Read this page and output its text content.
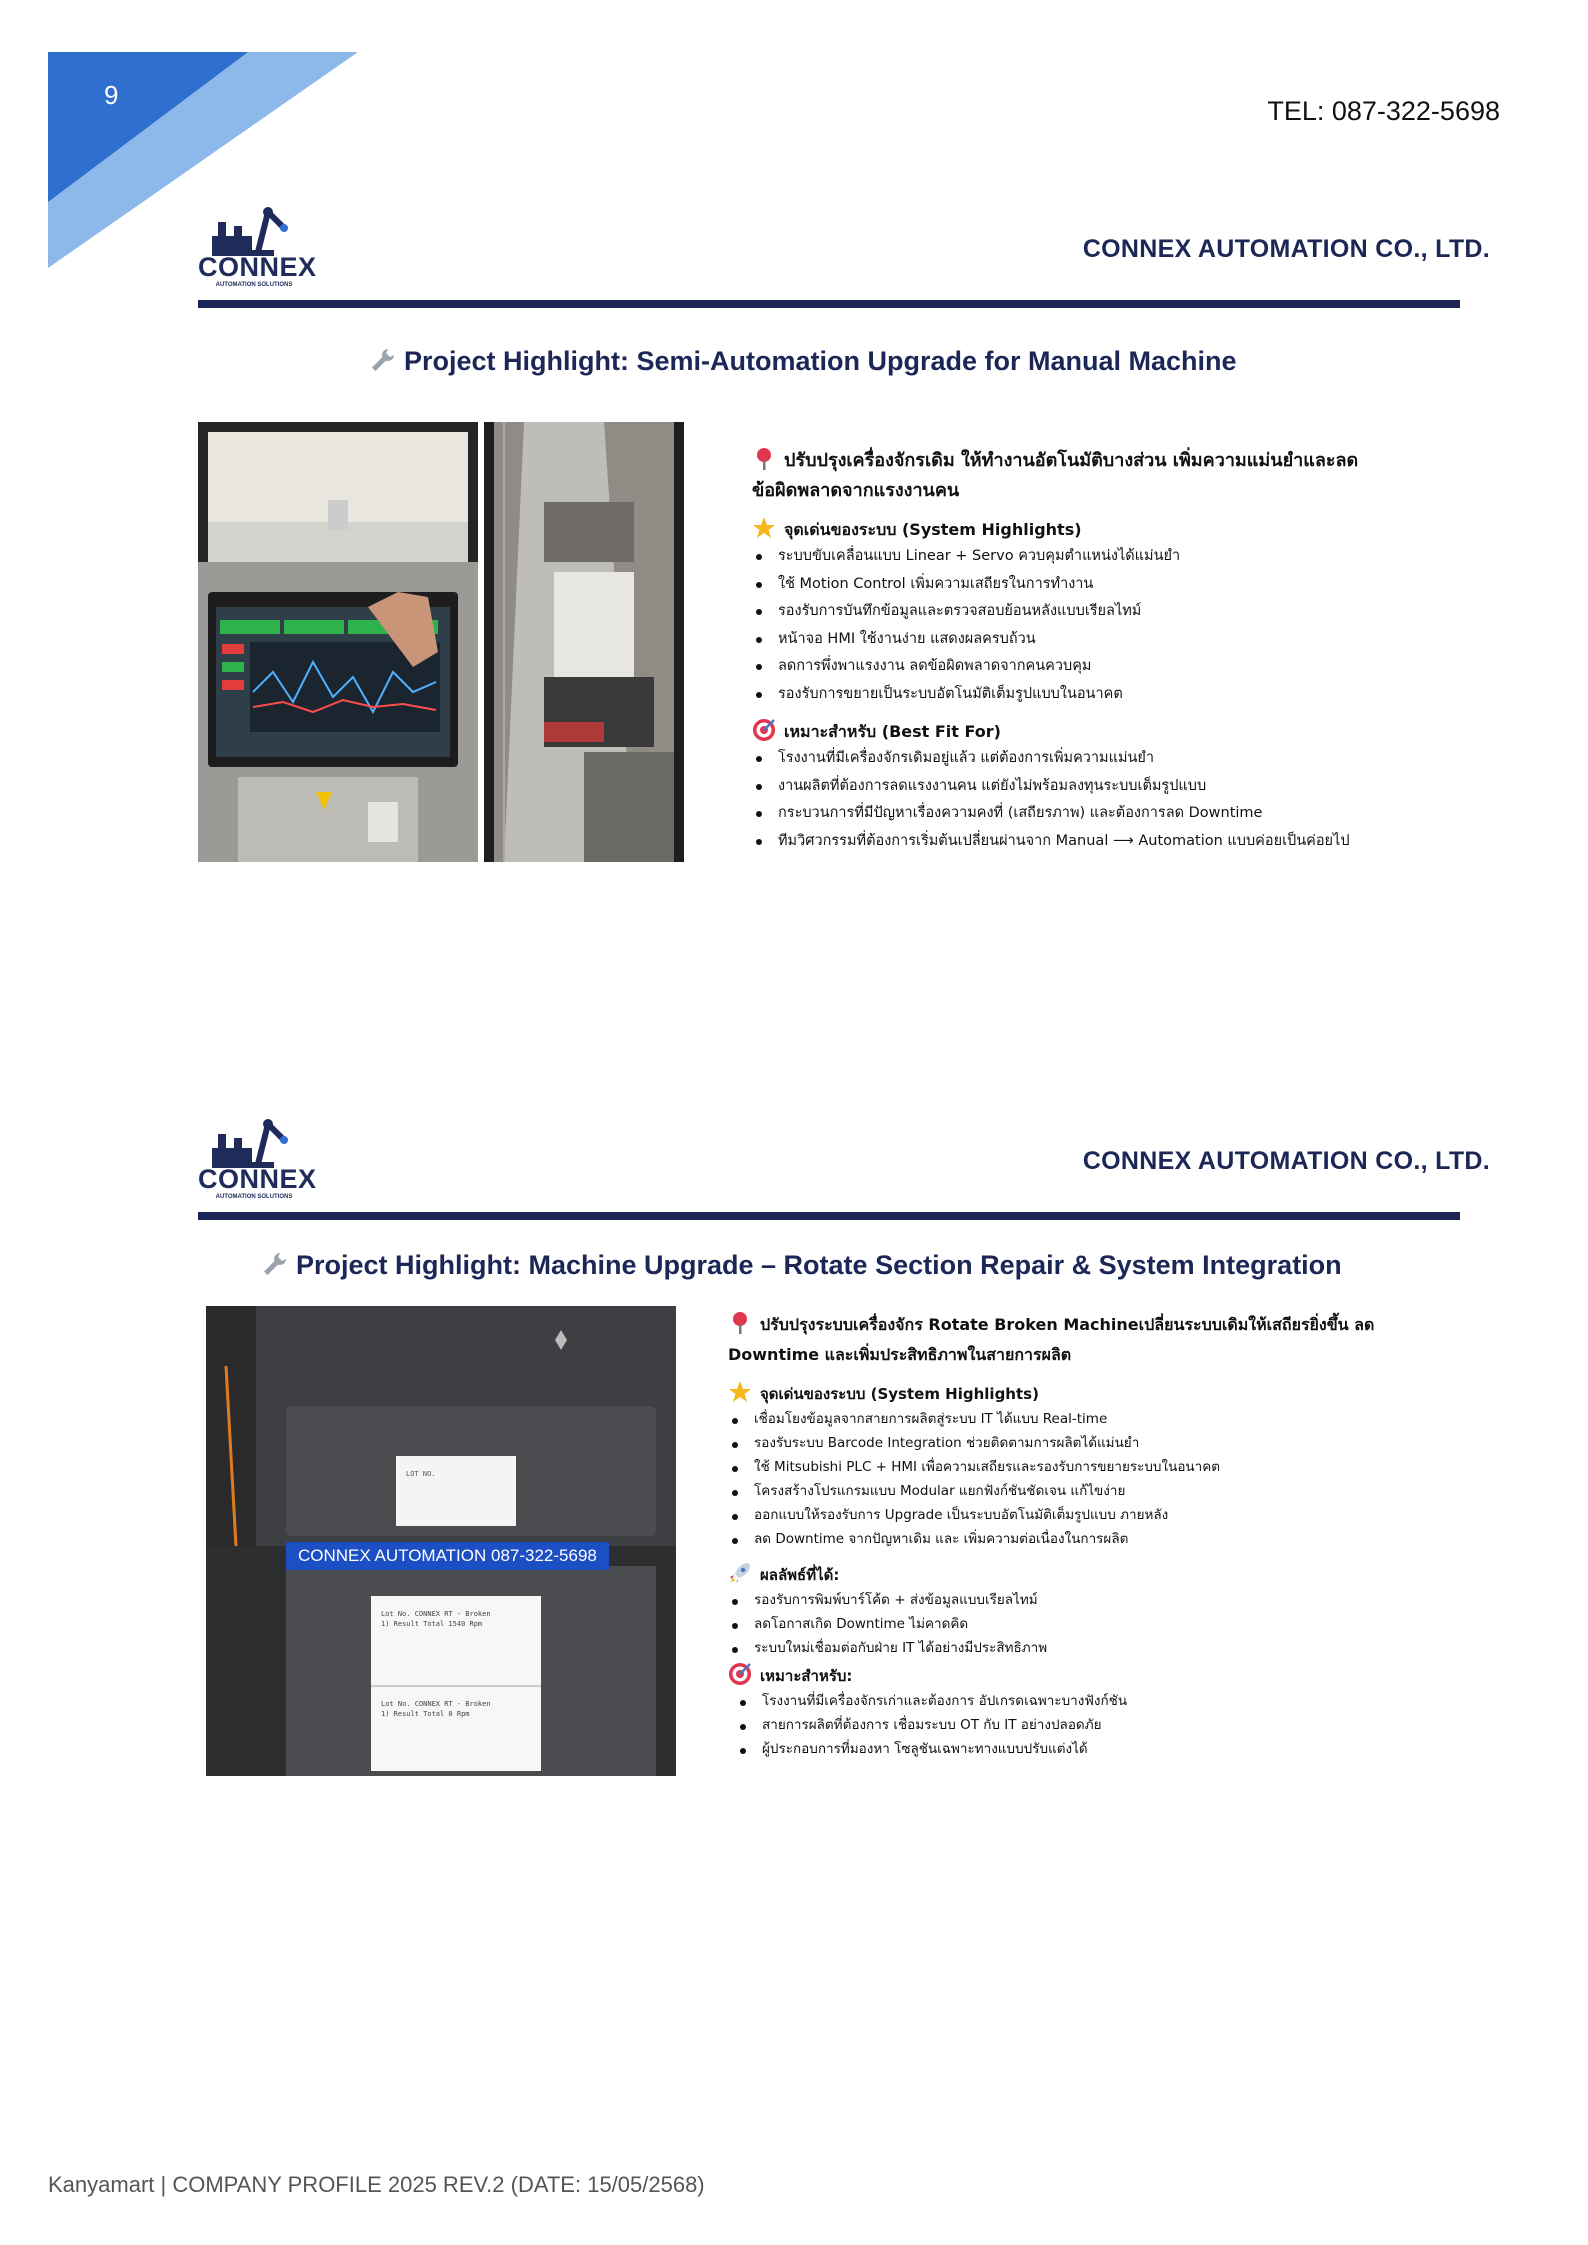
9
TEL: 087-322-5698
CONNEX
AUTOMATION SOLUTIONS
CONNEX AUTOMATION CO., LTD.
Project Highlight: Semi-Automation Upgrade for Manual Machine
ปรับปรุงเครื่องจักรเดิม ให้ทำงานอัตโนมัติบางส่วน เพิ่มความแม่นยำและลด
ข้อผิดพลาดจากแรงงานคน
จุดเด่นของระบบ (System Highlights)
ระบบขับเคลื่อนแบบ Linear + Servo ควบคุมตำแหน่งได้แม่นยำ
ใช้ Motion Control เพิ่มความเสถียรในการทำงาน
รองรับการบันทึกข้อมูลและตรวจสอบย้อนหลังแบบเรียลไทม์
หน้าจอ HMI ใช้งานง่าย แสดงผลครบถ้วน
ลดการพึ่งพาแรงงาน ลดข้อผิดพลาดจากคนควบคุม
รองรับการขยายเป็นระบบอัตโนมัติเต็มรูปแบบในอนาคต
เหมาะสำหรับ (Best Fit For)
โรงงานที่มีเครื่องจักรเดิมอยู่แล้ว แต่ต้องการเพิ่มความแม่นยำ
งานผลิตที่ต้องการลดแรงงานคน แต่ยังไม่พร้อมลงทุนระบบเต็มรูปแบบ
กระบวนการที่มีปัญหาเรื่องความคงที่ (เสถียรภาพ) และต้องการลด Downtime
ทีมวิศวกรรมที่ต้องการเริ่มต้นเปลี่ยนผ่านจาก Manual ⟶ Automation แบบค่อยเป็นค่อยไป
CONNEX
AUTOMATION SOLUTIONS
CONNEX AUTOMATION CO., LTD.
Project Highlight: Machine Upgrade – Rotate Section Repair & System Integration
LOT NO.
Lot No. CONNEX RT - Broken
1) Result Total 1540 Rpm
Lot No. CONNEX RT - Broken
1) Result Total 0 Rpm
CONNEX AUTOMATION 087-322-5698
ปรับปรุงระบบเครื่องจักร Rotate Broken Machineเปลี่ยนระบบเดิมให้เสถียรยิ่งขึ้น ลด
Downtime และเพิ่มประสิทธิภาพในสายการผลิต
จุดเด่นของระบบ (System Highlights)
เชื่อมโยงข้อมูลจากสายการผลิตสู่ระบบ IT ได้แบบ Real-time
รองรับระบบ Barcode Integration ช่วยติดตามการผลิตได้แม่นยำ
ใช้ Mitsubishi PLC + HMI เพื่อความเสถียรและรองรับการขยายระบบในอนาคต
โครงสร้างโปรแกรมแบบ Modular แยกฟังก์ชันชัดเจน แก้ไขง่าย
ออกแบบให้รองรับการ Upgrade เป็นระบบอัตโนมัติเต็มรูปแบบ ภายหลัง
ลด Downtime จากปัญหาเดิม และ เพิ่มความต่อเนื่องในการผลิต
ผลลัพธ์ที่ได้:
รองรับการพิมพ์บาร์โค้ด + ส่งข้อมูลแบบเรียลไทม์
ลดโอกาสเกิด Downtime ไม่คาดคิด
ระบบใหม่เชื่อมต่อกับฝ่าย IT ได้อย่างมีประสิทธิภาพ
เหมาะสำหรับ:
โรงงานที่มีเครื่องจักรเก่าและต้องการ อัปเกรดเฉพาะบางฟังก์ชัน
สายการผลิตที่ต้องการ เชื่อมระบบ OT กับ IT อย่างปลอดภัย
ผู้ประกอบการที่มองหา โซลูชันเฉพาะทางแบบปรับแต่งได้
Kanyamart | COMPANY PROFILE 2025 REV.2 (DATE: 15/05/2568)
